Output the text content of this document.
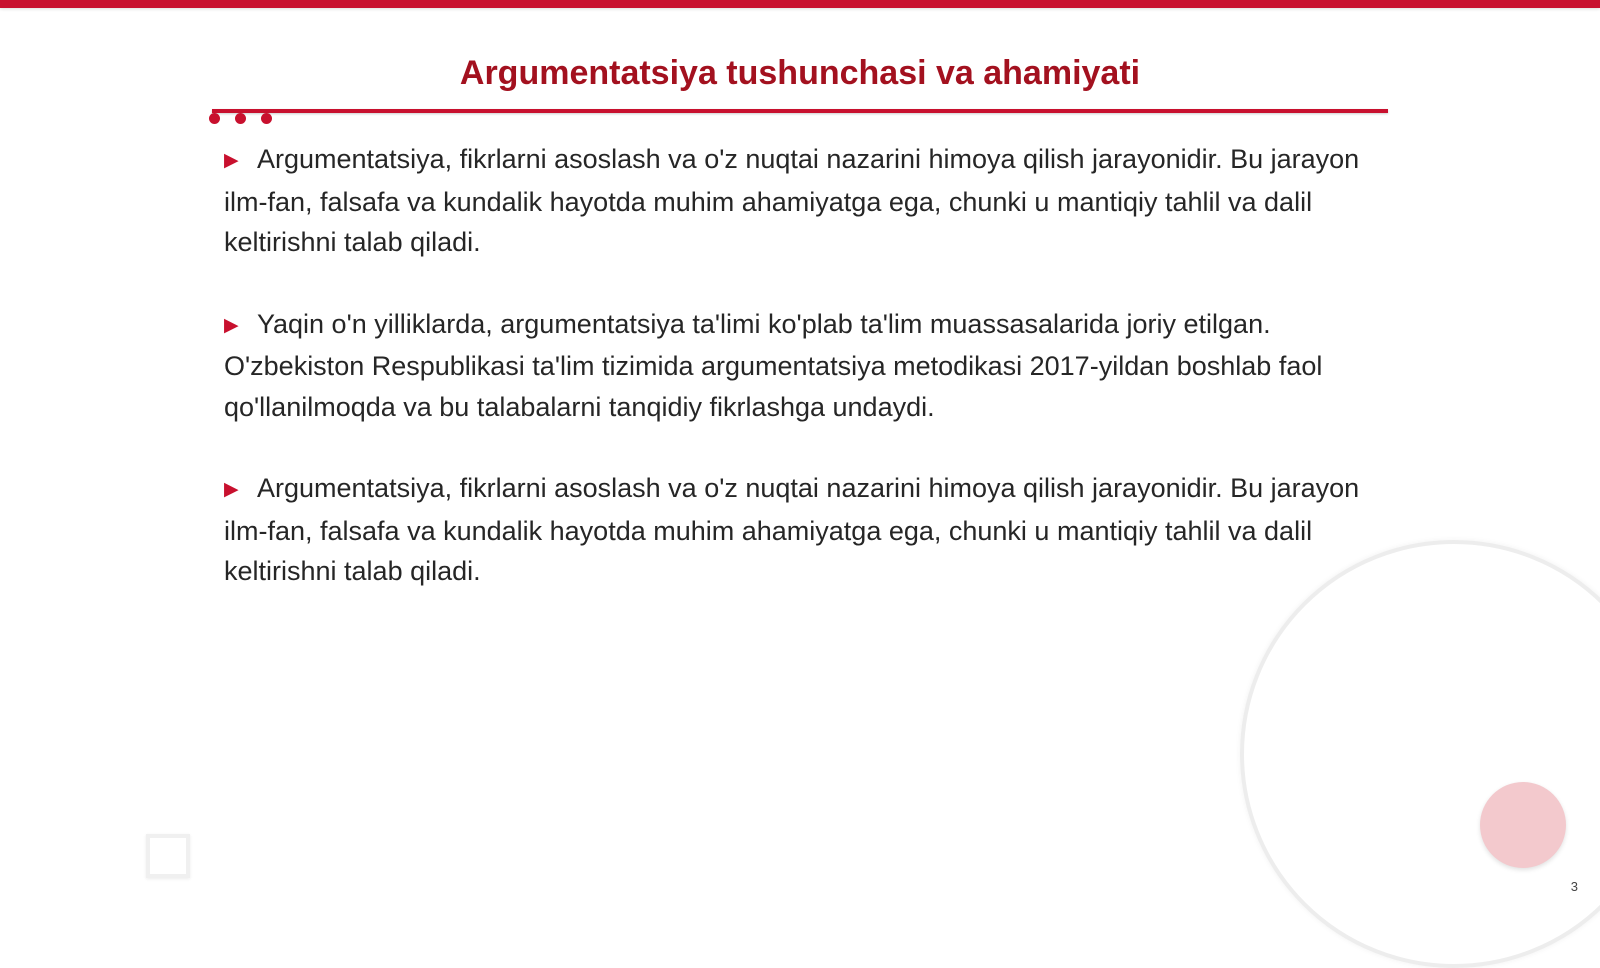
Argumentatsiya tushunchasi va ahamiyati

▶ Argumentatsiya, fikrlarni asoslash va o'z nuqtai nazarini himoya qilish jarayonidir. Bu jarayon ilm-fan, falsafa va kundalik hayotda muhim ahamiyatga ega, chunki u mantiqiy tahlil va dalil keltirishni talab qiladi.

▶ Yaqin o'n yilliklarda, argumentatsiya ta'limi ko'plab ta'lim muassasalarida joriy etilgan. O'zbekiston Respublikasi ta'lim tizimida argumentatsiya metodikasi 2017-yildan boshlab faol qo'llanilmoqda va bu talabalarni tanqidiy fikrlashga undaydi.

▶ Argumentatsiya, fikrlarni asoslash va o'z nuqtai nazarini himoya qilish jarayonidir. Bu jarayon ilm-fan, falsafa va kundalik hayotda muhim ahamiyatga ega, chunki u mantiqiy tahlil va dalil keltirishni talab qiladi.

3
